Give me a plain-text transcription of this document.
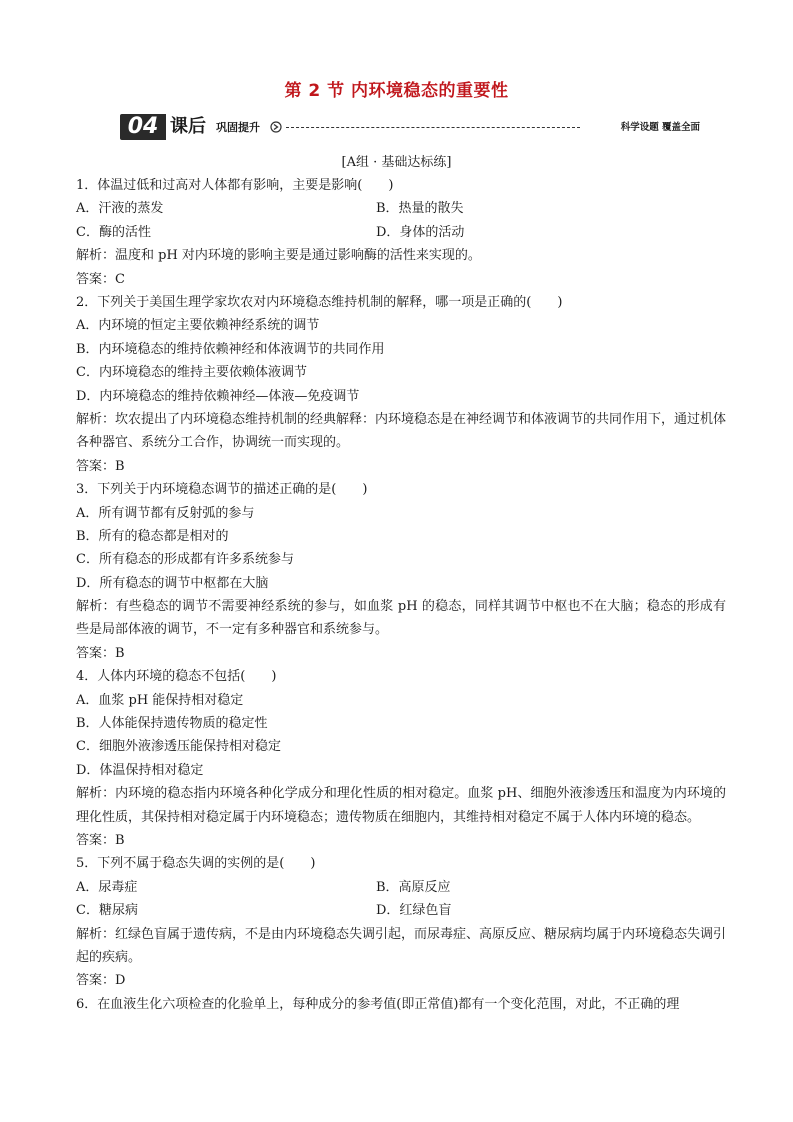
第 2 节 内环境稳态的重要性
04 课后 巩固提升	科学设题 覆盖全面
[A组 · 基础达标练]
1．体温过低和过高对人体都有影响，主要是影响(　　)
A．汗液的蒸发	B．热量的散失
C．酶的活性	D．身体的活动
解析：温度和 pH 对内环境的影响主要是通过影响酶的活性来实现的。
答案：C
2．下列关于美国生理学家坎农对内环境稳态维持机制的解释，哪一项是正确的(　　)
A．内环境的恒定主要依赖神经系统的调节
B．内环境稳态的维持依赖神经和体液调节的共同作用
C．内环境稳态的维持主要依赖体液调节
D．内环境稳态的维持依赖神经—体液—免疫调节
解析：坎农提出了内环境稳态维持机制的经典解释：内环境稳态是在神经调节和体液调节的共同作用下，通过机体各种器官、系统分工合作，协调统一而实现的。
答案：B
3．下列关于内环境稳态调节的描述正确的是(　　)
A．所有调节都有反射弧的参与
B．所有的稳态都是相对的
C．所有稳态的形成都有许多系统参与
D．所有稳态的调节中枢都在大脑
解析：有些稳态的调节不需要神经系统的参与，如血浆 pH 的稳态，同样其调节中枢也不在大脑；稳态的形成有些是局部体液的调节，不一定有多种器官和系统参与。
答案：B
4．人体内环境的稳态不包括(　　)
A．血浆 pH 能保持相对稳定
B．人体能保持遗传物质的稳定性
C．细胞外液渗透压能保持相对稳定
D．体温保持相对稳定
解析：内环境的稳态指内环境各种化学成分和理化性质的相对稳定。血浆 pH、细胞外液渗透压和温度为内环境的理化性质，其保持相对稳定属于内环境稳态；遗传物质在细胞内，其维持相对稳定不属于人体内环境的稳态。
答案：B
5．下列不属于稳态失调的实例的是(　　)
A．尿毒症	B．高原反应
C．糖尿病	D．红绿色盲
解析：红绿色盲属于遗传病，不是由内环境稳态失调引起，而尿毒症、高原反应、糖尿病均属于内环境稳态失调引起的疾病。
答案：D
6．在血液生化六项检查的化验单上，每种成分的参考值(即正常值)都有一个变化范围，对此，不正确的理
